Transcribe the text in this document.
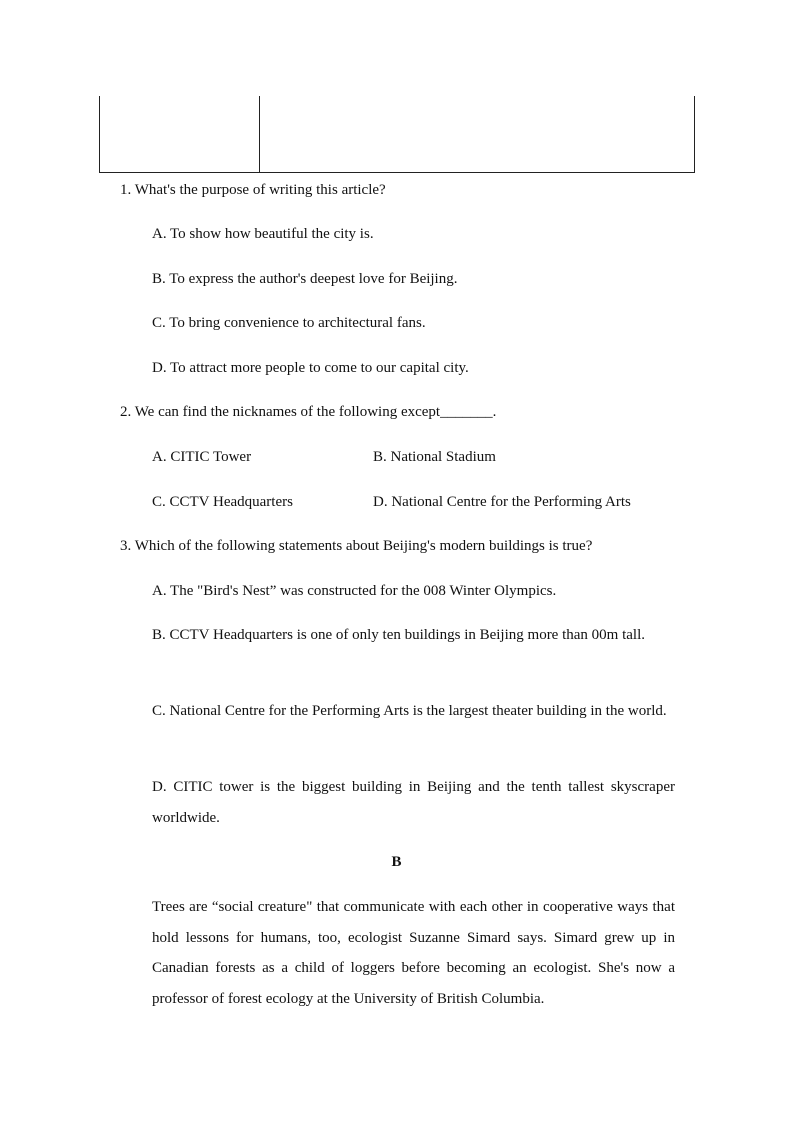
1. What's the purpose of writing this article?
A. To show how beautiful the city is.
B. To express the author's deepest love for Beijing.
C. To bring convenience to architectural fans.
D. To attract more people to come to our capital city.
2. We can find the nicknames of the following except_______.
A. CITIC Tower	B. National Stadium
C. CCTV Headquarters	D. National Centre for the Performing Arts
3. Which of the following statements about Beijing's modern buildings is true?
A. The "Bird's Nest” was constructed for the 008 Winter Olympics.
B. CCTV Headquarters is one of only ten buildings in Beijing more than 00m tall.
C. National Centre for the Performing Arts is the largest theater building in the world.
D. CITIC tower is the biggest building in Beijing and the tenth tallest skyscraper worldwide.
B
Trees are “social creature" that communicate with each other in cooperative ways that hold lessons for humans, too, ecologist Suzanne Simard says. Simard grew up in Canadian forests as a child of loggers before becoming an ecologist. She's now a professor of forest ecology at the University of British Columbia.
